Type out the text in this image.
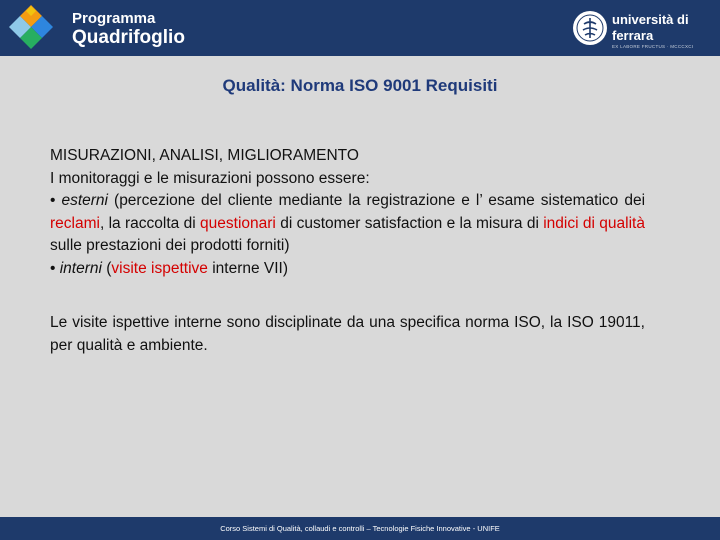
Programma
Quadrifoglio
università di ferrara
EX LABORE FRUCTUS · MCCCXCI
Qualità: Norma ISO 9001 Requisiti

MISURAZIONI, ANALISI, MIGLIORAMENTO

I monitoraggi e le misurazioni possono essere:

• esterni (percezione del cliente mediante la registrazione e l’ esame sistematico dei reclami, la raccolta di questionari di customer satisfaction e la misura di indici di qualità sulle prestazioni dei prodotti forniti)

• interni (visite ispettive interne VII)

Le visite ispettive interne sono disciplinate da una specifica norma ISO, la ISO 19011, per qualità e ambiente.

Corso Sistemi di Qualità, collaudi e controlli – Tecnologie Fisiche Innovative - UNIFE
